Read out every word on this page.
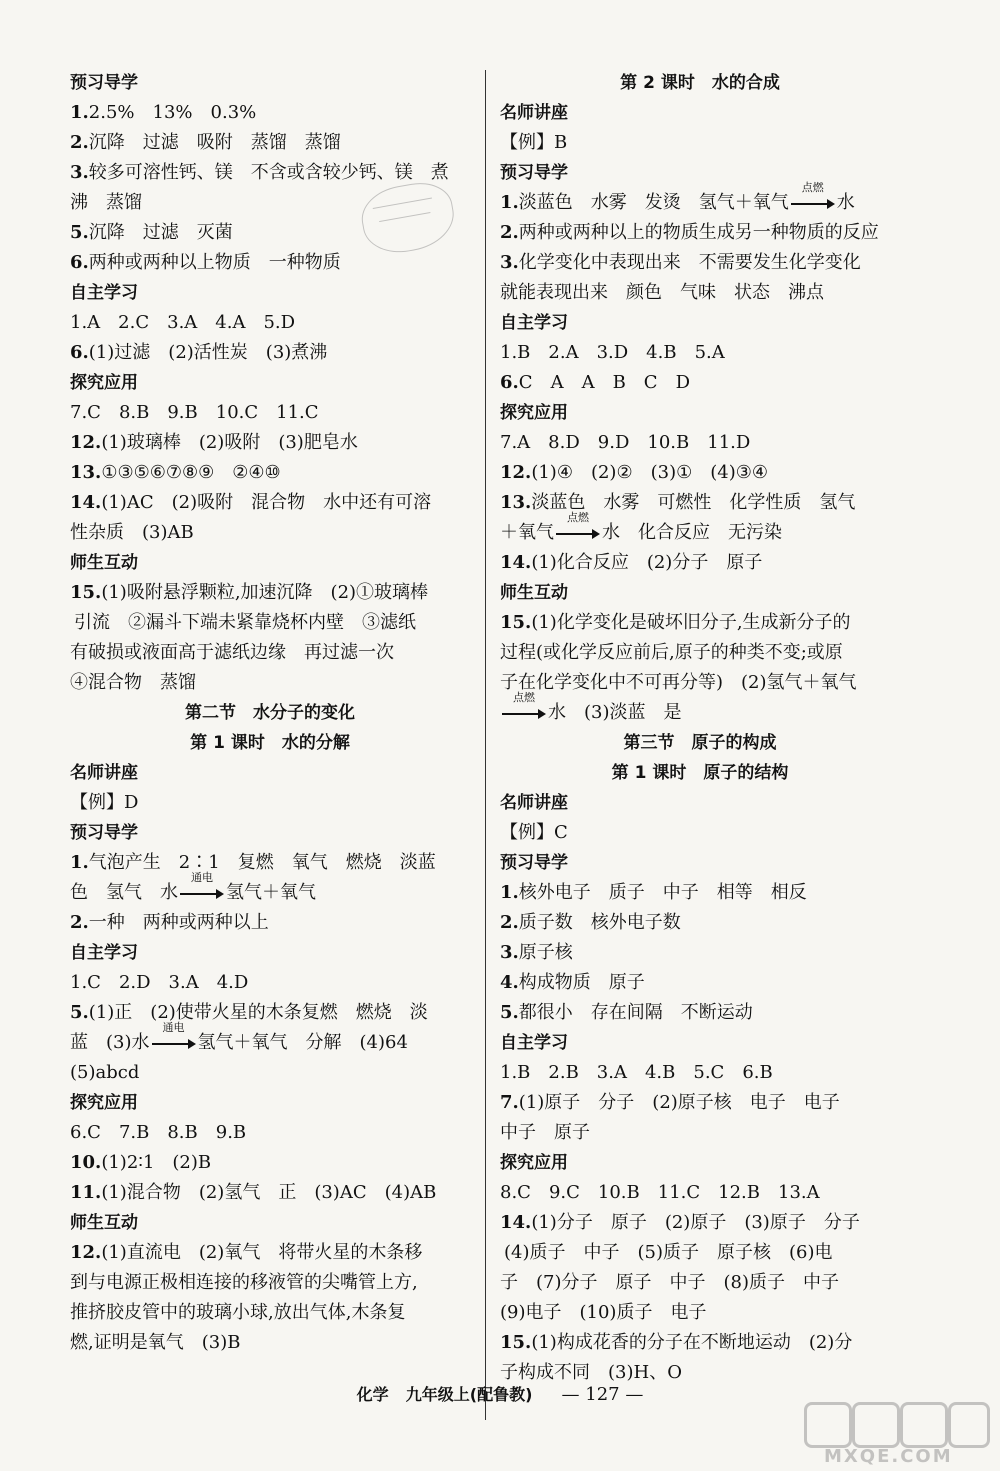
预习导学
1.2.5%　13%　0.3%
2.沉降　过滤　吸附　蒸馏　蒸馏
3.较多可溶性钙、镁　不含或含较少钙、镁　煮
沸　蒸馏
5.沉降　过滤　灭菌
6.两种或两种以上物质　一种物质
自主学习
1.A　2.C　3.A　4.A　5.D
6.(1)过滤　(2)活性炭　(3)煮沸
探究应用
7.C　8.B　9.B　10.C　11.C
12.(1)玻璃棒　(2)吸附　(3)肥皂水
13.①③⑤⑥⑦⑧⑨　②④⑩
14.(1)AC　(2)吸附　混合物　水中还有可溶
性杂质　(3)AB
师生互动
15.(1)吸附悬浮颗粒,加速沉降　(2)①玻璃棒
引流　②漏斗下端未紧靠烧杯内壁　③滤纸
有破损或液面高于滤纸边缘　再过滤一次
④混合物　蒸馏
第二节　水分子的变化
第 1 课时　水的分解
名师讲座
【例】D
预习导学
1.气泡产生　2∶1　复燃　氧气　燃烧　淡蓝
色　氢气　水
通电
氢气＋氧气
2.一种　两种或两种以上
自主学习
1.C　2.D　3.A　4.D
5.(1)正　(2)使带火星的木条复燃　燃烧　淡
蓝　(3)水
通电
氢气＋氧气　分解　(4)64
(5)abcd
探究应用
6.C　7.B　8.B　9.B
10.(1)2∶1　(2)B
11.(1)混合物　(2)氢气　正　(3)AC　(4)AB
师生互动
12.(1)直流电　(2)氧气　将带火星的木条移
到与电源正极相连接的移液管的尖嘴管上方,
推挤胶皮管中的玻璃小球,放出气体,木条复
燃,证明是氧气　(3)B
第 2 课时　水的合成
名师讲座
【例】B
预习导学
1.淡蓝色　水雾　发烫　氢气＋氧气
点燃
水
2.两种或两种以上的物质生成另一种物质的反应
3.化学变化中表现出来　不需要发生化学变化
就能表现出来　颜色　气味　状态　沸点
自主学习
1.B　2.A　3.D　4.B　5.A
6.C　A　A　B　C　D
探究应用
7.A　8.D　9.D　10.B　11.D
12.(1)④　(2)②　(3)①　(4)③④
13.淡蓝色　水雾　可燃性　化学性质　氢气
＋氧气
点燃
水　化合反应　无污染
14.(1)化合反应　(2)分子　原子
师生互动
15.(1)化学变化是破坏旧分子,生成新分子的
过程(或化学反应前后,原子的种类不变;或原
子在化学变化中不可再分等)　(2)氢气＋氧气
点燃
水　(3)淡蓝　是
第三节　原子的构成
第 1 课时　原子的结构
名师讲座
【例】C
预习导学
1.核外电子　质子　中子　相等　相反
2.质子数　核外电子数
3.原子核
4.构成物质　原子
5.都很小　存在间隔　不断运动
自主学习
1.B　2.B　3.A　4.B　5.C　6.B
7.(1)原子　分子　(2)原子核　电子　电子
中子　原子
探究应用
8.C　9.C　10.B　11.C　12.B　13.A
14.(1)分子　原子　(2)原子　(3)原子　分子
(4)质子　中子　(5)质子　原子核　(6)电
子　(7)分子　原子　中子　(8)质子　中子
(9)电子　(10)质子　电子
15.(1)构成花香的分子在不断地运动　(2)分
子构成不同　(3)H、O
化学 九年级上(配鲁教) — 127 —
MXQE.COM
